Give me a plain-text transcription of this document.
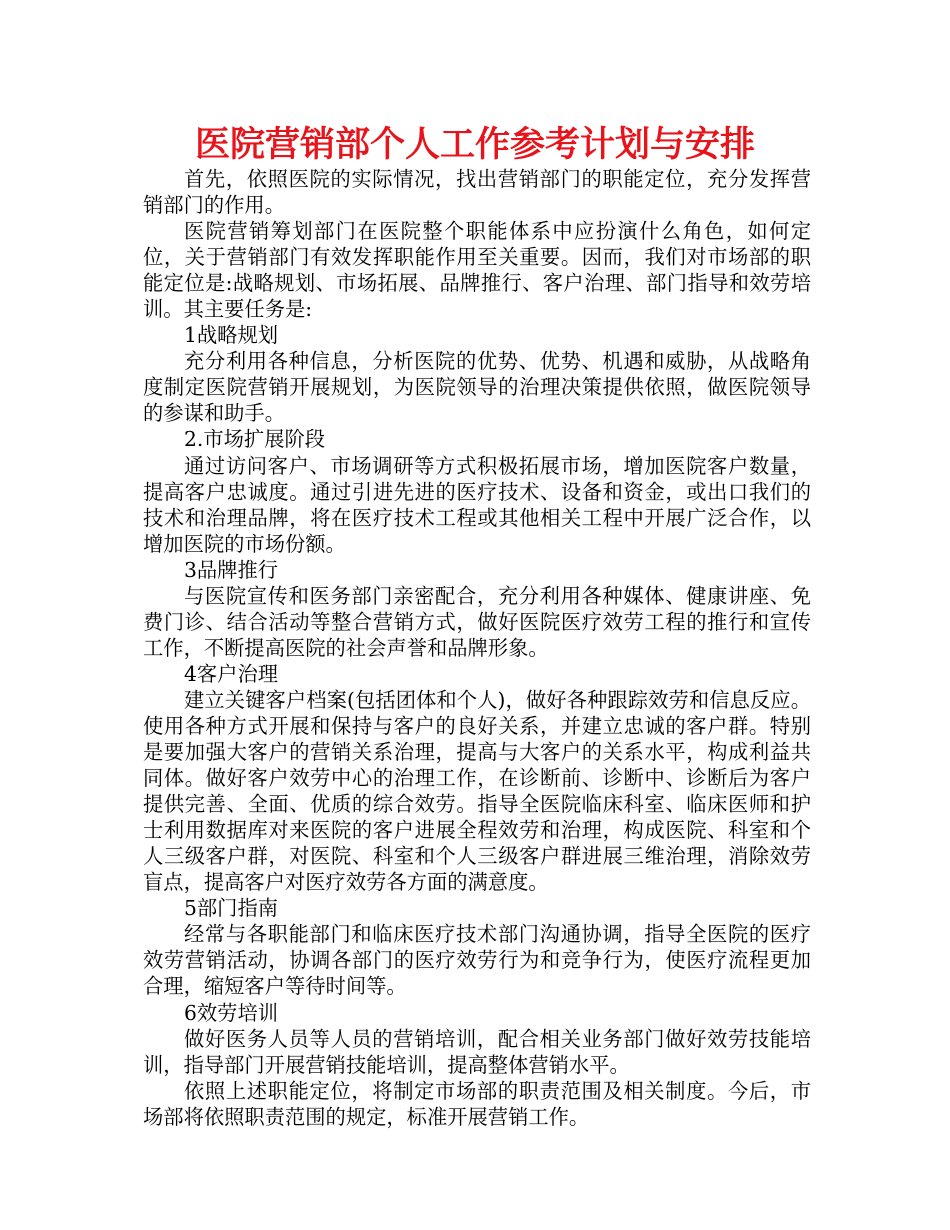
医院营销部个人工作参考计划与安排

首先，依照医院的实际情况，找出营销部门的职能定位，充分发挥营销部门的作用。

医院营销筹划部门在医院整个职能体系中应扮演什么角色，如何定位，关于营销部门有效发挥职能作用至关重要。因而，我们对市场部的职能定位是:战略规划、市场拓展、品牌推行、客户治理、部门指导和效劳培训。其主要任务是:

1战略规划

充分利用各种信息，分析医院的优势、优势、机遇和威胁，从战略角度制定医院营销开展规划，为医院领导的治理决策提供依照，做医院领导的参谋和助手。

2.市场扩展阶段

通过访问客户、市场调研等方式积极拓展市场，增加医院客户数量，提高客户忠诚度。通过引进先进的医疗技术、设备和资金，或出口我们的技术和治理品牌，将在医疗技术工程或其他相关工程中开展广泛合作，以增加医院的市场份额。

3品牌推行

与医院宣传和医务部门亲密配合，充分利用各种媒体、健康讲座、免费门诊、结合活动等整合营销方式，做好医院医疗效劳工程的推行和宣传工作，不断提高医院的社会声誉和品牌形象。

4客户治理

建立关键客户档案(包括团体和个人)，做好各种跟踪效劳和信息反应。使用各种方式开展和保持与客户的良好关系，并建立忠诚的客户群。特别是要加强大客户的营销关系治理，提高与大客户的关系水平，构成利益共同体。做好客户效劳中心的治理工作，在诊断前、诊断中、诊断后为客户提供完善、全面、优质的综合效劳。指导全医院临床科室、临床医师和护士利用数据库对来医院的客户进展全程效劳和治理，构成医院、科室和个人三级客户群，对医院、科室和个人三级客户群进展三维治理，消除效劳盲点，提高客户对医疗效劳各方面的满意度。

5部门指南

经常与各职能部门和临床医疗技术部门沟通协调，指导全医院的医疗效劳营销活动，协调各部门的医疗效劳行为和竞争行为，使医疗流程更加合理，缩短客户等待时间等。

6效劳培训

做好医务人员等人员的营销培训，配合相关业务部门做好效劳技能培训，指导部门开展营销技能培训，提高整体营销水平。

依照上述职能定位，将制定市场部的职责范围及相关制度。今后，市场部将依照职责范围的规定，标准开展营销工作。
